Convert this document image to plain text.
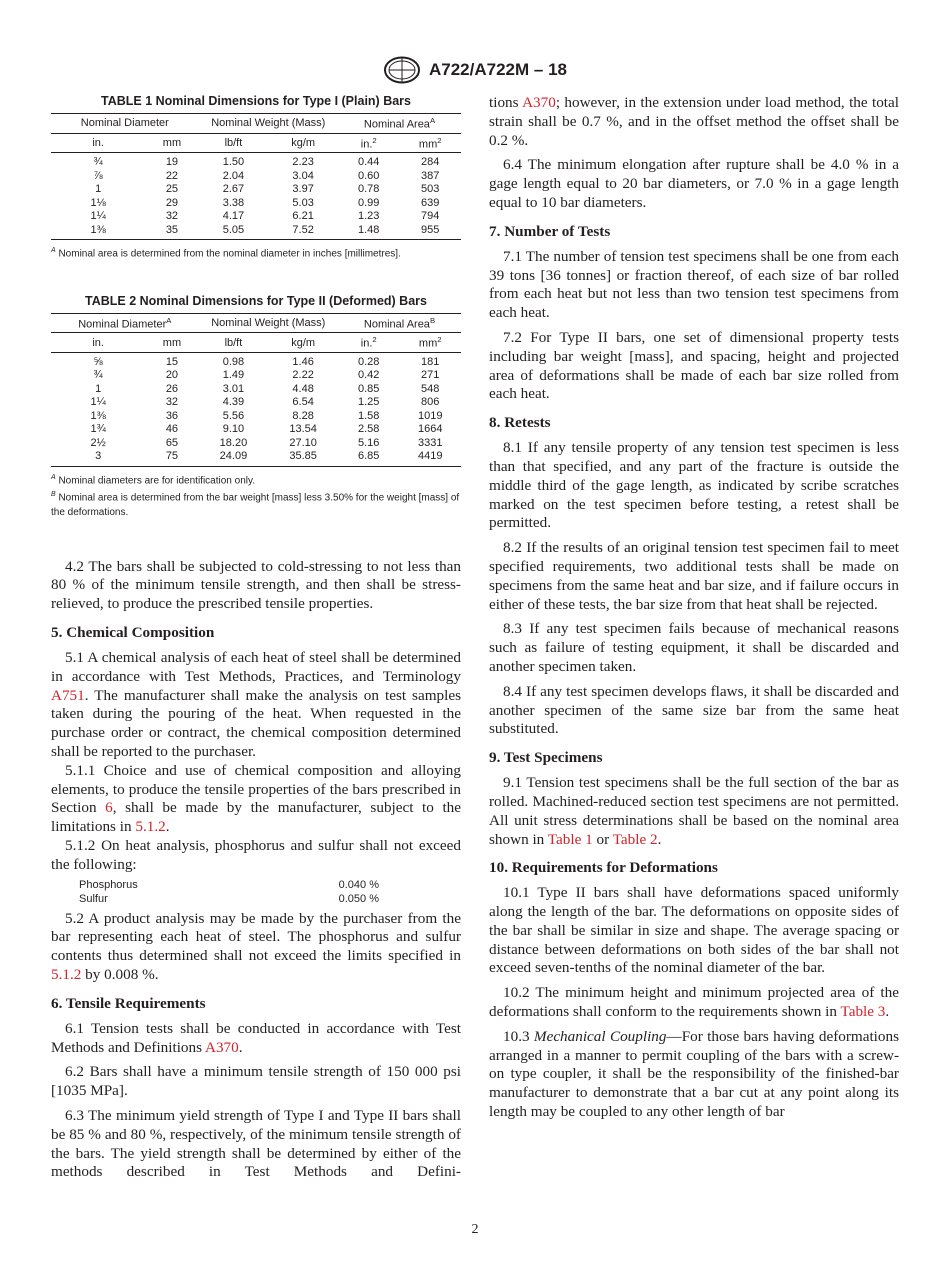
A722/A722M – 18
TABLE 1 Nominal Dimensions for Type I (Plain) Bars
Nominal Diameter		Nominal Weight (Mass)		Nominal Area$^A$
in.	mm	lb/ft	kg/m	in.$^2$	$mm^2$
¾	19	1.50	2.23	0.44	284
⅞	22	2.04	3.04	0.60	387
1	25	2.67	3.97	0.78	503
1⅛	29	3.38	5.03	0.99	639
1¼	32	4.17	6.21	1.23	794
1⅜	35	5.05	7.52	1.48	955
$^A$ Nominal area is determined from the nominal diameter in inches [millimetres].
TABLE 2 Nominal Dimensions for Type II (Deformed) Bars
Nominal Diameter$^A$		Nominal Weight (Mass)		Nominal Area$^B$
in.	mm	lb/ft	kg/m	in.$^2$	$mm^2$
⅝	15	0.98	1.46	0.28	181
¾	20	1.49	2.22	0.42	271
1	26	3.01	4.48	0.85	548
1¼	32	4.39	6.54	1.25	806
1⅜	36	5.56	8.28	1.58	1019
1¾	46	9.10	13.54	2.58	1664
2½	65	18.20	27.10	5.16	3331
3	75	24.09	35.85	6.85	4419
$^A$ Nominal diameters are for identification only.
$^B$ Nominal area is determined from the bar weight [mass] less 3.50% for the weight [mass] of the deformations.

4.2 The bars shall be subjected to cold-stressing to not less than 80 % of the minimum tensile strength, and then shall be stress-relieved, to produce the prescribed tensile properties.

5. Chemical Composition

5.1 A chemical analysis of each heat of steel shall be determined in accordance with Test Methods, Practices, and Terminology A751. The manufacturer shall make the analysis on test samples taken during the pouring of the heat. When requested in the purchase order or contract, the chemical composition determined shall be reported to the purchaser.

5.1.1 Choice and use of chemical composition and alloying elements, to produce the tensile properties of the bars prescribed in Section 6, shall be made by the manufacturer, subject to the limitations in 5.1.2.

5.1.2 On heat analysis, phosphorus and sulfur shall not exceed the following:

Phosphorus	0.040 %
Sulfur	0.050 %

5.2 A product analysis may be made by the purchaser from the bar representing each heat of steel. The phosphorus and sulfur contents thus determined shall not exceed the limits specified in 5.1.2 by 0.008 %.

6. Tensile Requirements

6.1 Tension tests shall be conducted in accordance with Test Methods and Definitions A370.

6.2 Bars shall have a minimum tensile strength of 150 000 psi [1035 MPa].

6.3 The minimum yield strength of Type I and Type II bars shall be 85 % and 80 %, respectively, of the minimum tensile strength of the bars. The yield strength shall be determined by either of the methods described in Test Methods and Defini-

tions A370; however, in the extension under load method, the total strain shall be 0.7 %, and in the offset method the offset shall be 0.2 %.

6.4 The minimum elongation after rupture shall be 4.0 % in a gage length equal to 20 bar diameters, or 7.0 % in a gage length equal to 10 bar diameters.

7. Number of Tests

7.1 The number of tension test specimens shall be one from each 39 tons [36 tonnes] or fraction thereof, of each size of bar rolled from each heat but not less than two tension test specimens from each heat.

7.2 For Type II bars, one set of dimensional property tests including bar weight [mass], and spacing, height and projected area of deformations shall be made of each bar size rolled from each heat.

8. Retests

8.1 If any tensile property of any tension test specimen is less than that specified, and any part of the fracture is outside the middle third of the gage length, as indicated by scribe scratches marked on the test specimen before testing, a retest shall be permitted.

8.2 If the results of an original tension test specimen fail to meet specified requirements, two additional tests shall be made on specimens from the same heat and bar size, and if failure occurs in either of these tests, the bar size from that heat shall be rejected.

8.3 If any test specimen fails because of mechanical reasons such as failure of testing equipment, it shall be discarded and another specimen taken.

8.4 If any test specimen develops flaws, it shall be discarded and another specimen of the same size bar from the same heat substituted.

9. Test Specimens

9.1 Tension test specimens shall be the full section of the bar as rolled. Machined-reduced section test specimens are not permitted. All unit stress determinations shall be based on the nominal area shown in Table 1 or Table 2.

10. Requirements for Deformations

10.1 Type II bars shall have deformations spaced uniformly along the length of the bar. The deformations on opposite sides of the bar shall be similar in size and shape. The average spacing or distance between deformations on both sides of the bar shall not exceed seven-tenths of the nominal diameter of the bar.

10.2 The minimum height and minimum projected area of the deformations shall conform to the requirements shown in Table 3.

10.3 Mechanical Coupling—For those bars having deformations arranged in a manner to permit coupling of the bars with a screw-on type coupler, it shall be the responsibility of the finished-bar manufacturer to demonstrate that a bar cut at any point along its length may be coupled to any other length of bar

2
